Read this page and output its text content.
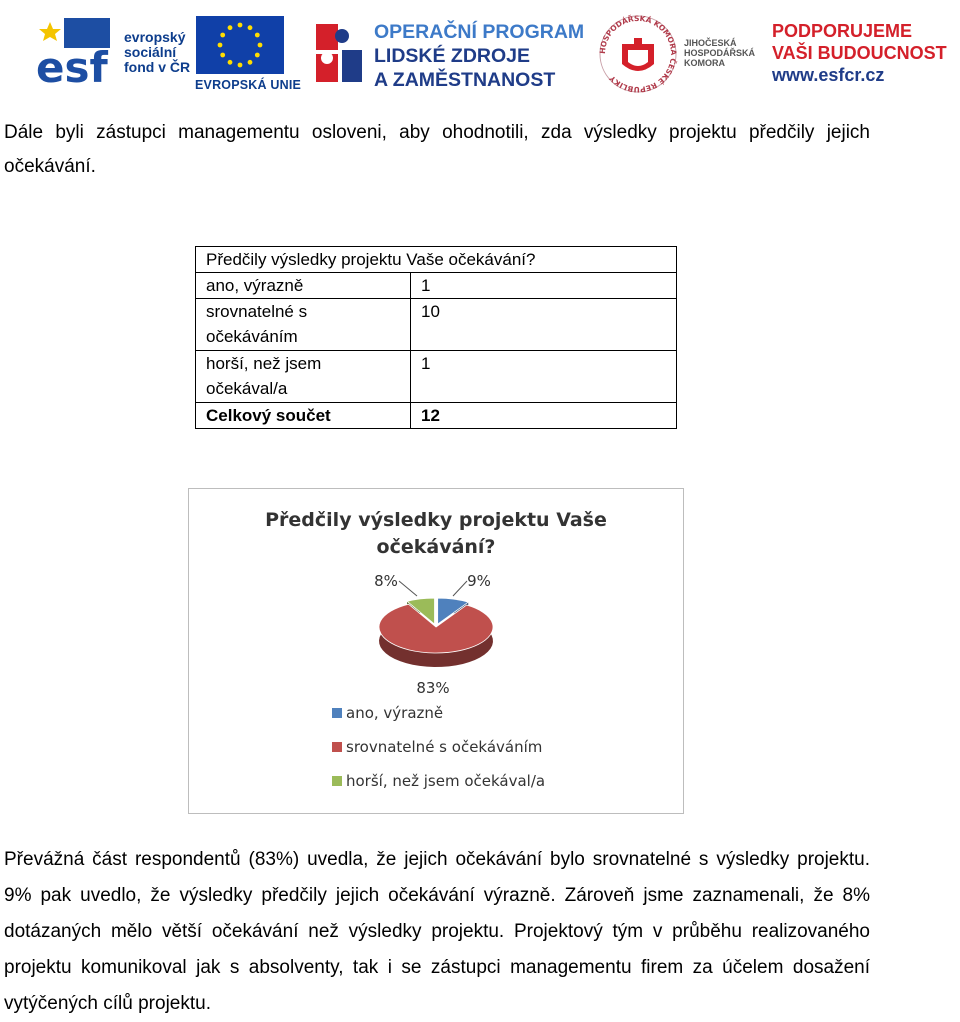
esf
evropský
sociální
fond v ČR
EVROPSKÁ UNIE
OPERAČNÍ PROGRAM
LIDSKÉ ZDROJE
A ZAMĚSTNANOST
HOSPODÁŘSKÁ KOMORA ČESKÉ REPUBLIKY
JIHOČESKÁ
HOSPODÁŘSKÁ
KOMORA
PODPORUJEME
VAŠI BUDOUCNOST
www.esfcr.cz
Dále byli zástupci managementu osloveni, aby ohodnotili, zda výsledky projektu předčily jejich očekávání.
Předčily výsledky projektu Vaše očekávání?	
ano, výrazně	1
srovnatelné s očekáváním	10
horší, než jsem očekával/a	1
Celkový součet	12
Předčily výsledky projektu Vaše
očekávání?
9%
83%
8%
ano, výrazně
srovnatelné s očekáváním
horší, než jsem očekával/a
Převážná část respondentů (83%) uvedla, že jejich očekávání bylo srovnatelné s výsledky projektu. 9% pak uvedlo, že výsledky předčily jejich očekávání výrazně. Zároveň jsme zaznamenali, že 8% dotázaných mělo větší očekávání než výsledky projektu. Projektový tým v průběhu realizovaného projektu komunikoval jak s absolventy, tak i se zástupci managementu firem za účelem dosažení vytýčených cílů projektu.
